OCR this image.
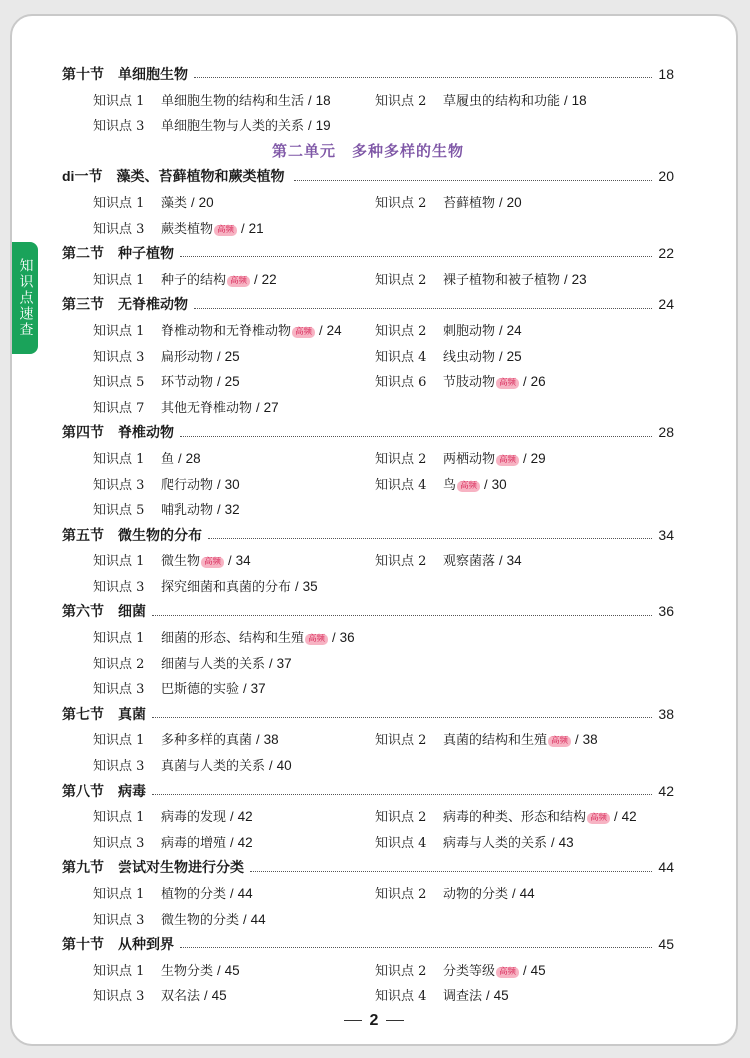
知识点速查
第十节　单细胞生物	18
知识点 1 单细胞生物的结构和生活 / 18	知识点 2 草履虫的结构和功能 / 18
知识点 3 单细胞生物与人类的关系 / 19
第二单元　多种多样的生物
di一节　藻类、苔藓植物和蕨类植物	20
知识点 1 藻类 / 20	知识点 2 苔藓植物 / 20
知识点 3 蕨类植物 高频 / 21
第二节　种子植物	22
知识点 1 种子的结构 高频 / 22	知识点 2 裸子植物和被子植物 / 23
第三节　无脊椎动物	24
知识点 1 脊椎动物和无脊椎动物 高频 / 24	知识点 2 刺胞动物 / 24
知识点 3 扁形动物 / 25	知识点 4 线虫动物 / 25
知识点 5 环节动物 / 25	知识点 6 节肢动物 高频 / 26
知识点 7 其他无脊椎动物 / 27
第四节　脊椎动物	28
知识点 1 鱼 / 28	知识点 2 两栖动物 高频 / 29
知识点 3 爬行动物 / 30	知识点 4 鸟 高频 / 30
知识点 5 哺乳动物 / 32
第五节　微生物的分布	34
知识点 1 微生物 高频 / 34	知识点 2 观察菌落 / 34
知识点 3 探究细菌和真菌的分布 / 35
第六节　细菌	36
知识点 1 细菌的形态、结构和生殖 高频 / 36
知识点 2 细菌与人类的关系 / 37
知识点 3 巴斯德的实验 / 37
第七节　真菌	38
知识点 1 多种多样的真菌 / 38	知识点 2 真菌的结构和生殖 高频 / 38
知识点 3 真菌与人类的关系 / 40
第八节　病毒	42
知识点 1 病毒的发现 / 42	知识点 2 病毒的种类、形态和结构 高频 / 42
知识点 3 病毒的增殖 / 42	知识点 4 病毒与人类的关系 / 43
第九节　尝试对生物进行分类	44
知识点 1 植物的分类 / 44	知识点 2 动物的分类 / 44
知识点 3 微生物的分类 / 44
第十节　从种到界	45
知识点 1 生物分类 / 45	知识点 2 分类等级 高频 / 45
知识点 3 双名法 / 45	知识点 4 调查法 / 45
2
